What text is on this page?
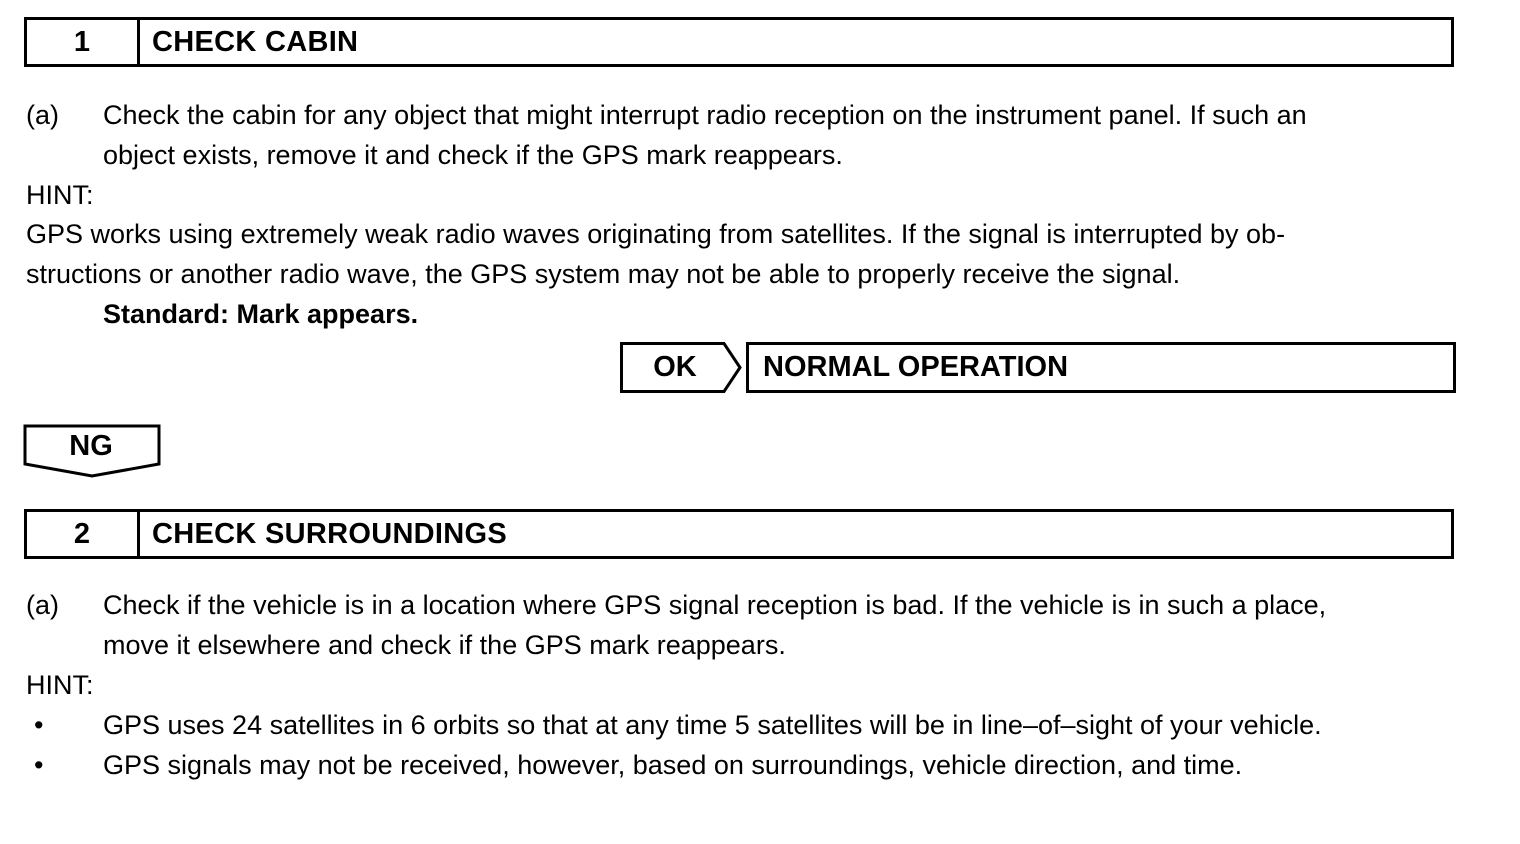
1	CHECK CABIN
(a) Check the cabin for any object that might interrupt radio reception on the instrument panel. If such an
object exists, remove it and check if the GPS mark reappears.
HINT:
GPS works using extremely weak radio waves originating from satellites. If the signal is interrupted by ob-
structions or another radio wave, the GPS system may not be able to properly receive the signal.
Standard: Mark appears.
OK	NORMAL OPERATION
NG
2	CHECK SURROUNDINGS
(a) Check if the vehicle is in a location where GPS signal reception is bad. If the vehicle is in such a place,
move it elsewhere and check if the GPS mark reappears.
HINT:
• GPS uses 24 satellites in 6 orbits so that at any time 5 satellites will be in line–of–sight of your vehicle.
• GPS signals may not be received, however, based on surroundings, vehicle direction, and time.
